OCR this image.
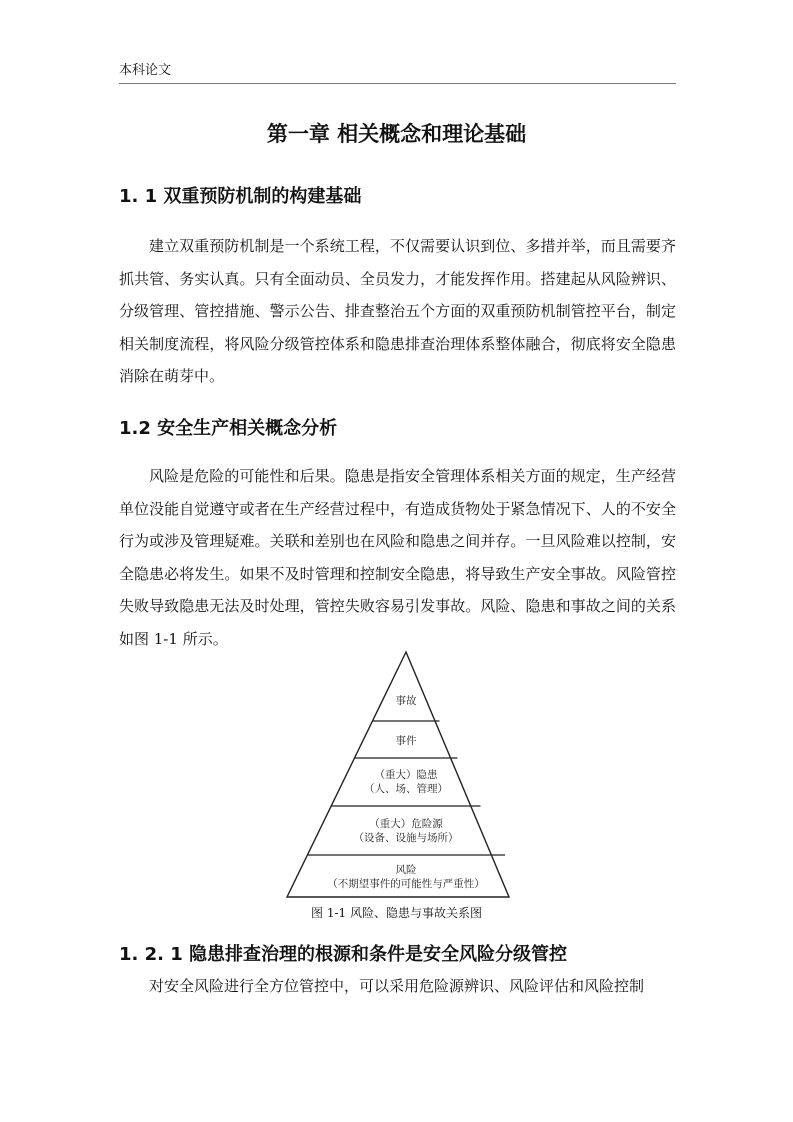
本科论文
第一章 相关概念和理论基础
1. 1 双重预防机制的构建基础

建立双重预防机制是一个系统工程，不仅需要认识到位、多措并举，而且需要齐抓共管、务实认真。只有全面动员、全员发力，才能发挥作用。搭建起从风险辨识、分级管理、管控措施、警示公告、排查整治五个方面的双重预防机制管控平台，制定相关制度流程，将风险分级管控体系和隐患排查治理体系整体融合，彻底将安全隐患消除在萌芽中。

1.2 安全生产相关概念分析

风险是危险的可能性和后果。隐患是指安全管理体系相关方面的规定，生产经营单位没能自觉遵守或者在生产经营过程中，有造成货物处于紧急情况下、人的不安全行为或涉及管理疑难。关联和差别也在风险和隐患之间并存。一旦风险难以控制，安全隐患必将发生。如果不及时管理和控制安全隐患，将导致生产安全事故。风险管控失败导致隐患无法及时处理，管控失败容易引发事故。风险、隐患和事故之间的关系如图 1-1 所示。

事故
事件
（重大）隐患
（人、场、管理）
（重大）危险源
（设备、设施与场所）
风险
（不期望事件的可能性与严重性）
图 1-1 风险、隐患与事故关系图
1. 2. 1 隐患排查治理的根源和条件是安全风险分级管控

对安全风险进行全方位管控中，可以采用危险源辨识、风险评估和风险控制
